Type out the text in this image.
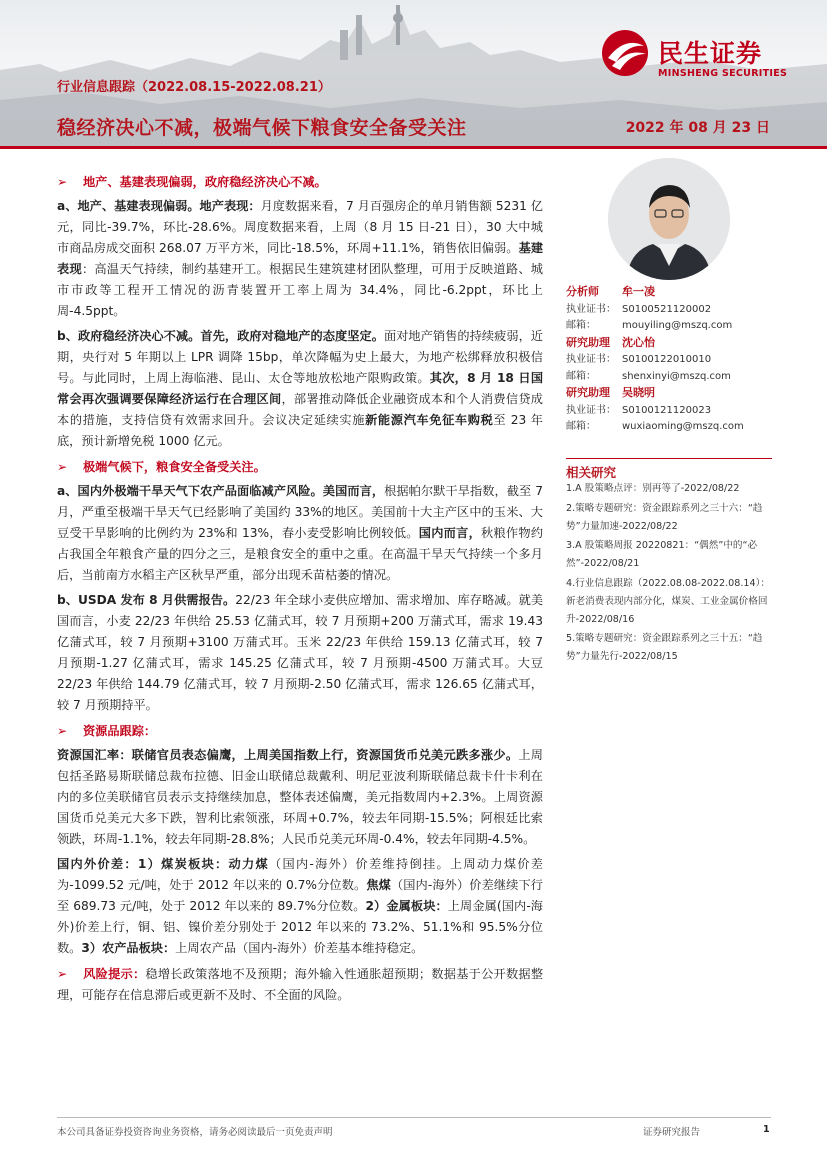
民生证券
MINSHENG SECURITIES
行业信息跟踪（2022.08.15-2022.08.21）
稳经济决心不减，极端气候下粮食安全备受关注	2022 年 08 月 23 日
➢ 地产、基建表现偏弱，政府稳经济决心不减。
a、地产、基建表现偏弱。地产表现：月度数据来看，7 月百强房企的单月销售额 5231 亿元，同比-39.7%，环比-28.6%。周度数据来看，上周（8 月 15 日-21 日），30 大中城市商品房成交面积 268.07 万平方米，同比-18.5%，环周+11.1%，销售依旧偏弱。基建表现：高温天气持续，制约基建开工。根据民生建筑建材团队整理，可用于反映道路、城市市政等工程开工情况的沥青装置开工率上周为 34.4%，同比-6.2ppt，环比上周-4.5ppt。
b、政府稳经济决心不减。首先，政府对稳地产的态度坚定。面对地产销售的持续疲弱，近期，央行对 5 年期以上 LPR 调降 15bp，单次降幅为史上最大，为地产松绑释放积极信号。与此同时，上周上海临港、昆山、太仓等地放松地产限购政策。其次，8 月 18 日国常会再次强调要保障经济运行在合理区间，部署推动降低企业融资成本和个人消费信贷成本的措施，支持信贷有效需求回升。会议决定延续实施新能源汽车免征车购税至 23 年底，预计新增免税 1000 亿元。
➢ 极端气候下，粮食安全备受关注。
a、国内外极端干旱天气下农产品面临减产风险。美国而言，根据帕尔默干旱指数，截至 7 月，严重至极端干旱天气已经影响了美国约 33%的地区。美国前十大主产区中的玉米、大豆受干旱影响的比例约为 23%和 13%，春小麦受影响比例较低。国内而言，秋粮作物约占我国全年粮食产量的四分之三，是粮食安全的重中之重。在高温干旱天气持续一个多月后，当前南方水稻主产区秋旱严重，部分出现禾苗枯萎的情况。
b、USDA 发布 8 月供需报告。22/23 年全球小麦供应增加、需求增加、库存略减。就美国而言，小麦 22/23 年供给 25.53 亿蒲式耳，较 7 月预期+200 万蒲式耳，需求 19.43 亿蒲式耳，较 7 月预期+3100 万蒲式耳。玉米 22/23 年供给 159.13 亿蒲式耳，较 7 月预期-1.27 亿蒲式耳，需求 145.25 亿蒲式耳，较 7 月预期-4500 万蒲式耳。大豆 22/23 年供给 144.79 亿蒲式耳，较 7 月预期-2.50 亿蒲式耳，需求 126.65 亿蒲式耳，较 7 月预期持平。
➢ 资源品跟踪：
资源国汇率：联储官员表态偏鹰，上周美国指数上行，资源国货币兑美元跌多涨少。上周包括圣路易斯联储总裁布拉德、旧金山联储总裁戴利、明尼亚波利斯联储总裁卡什卡利在内的多位美联储官员表示支持继续加息，整体表述偏鹰，美元指数周内+2.3%。上周资源国货币兑美元大多下跌，智利比索领涨，环周+0.7%，较去年同期-15.5%；阿根廷比索领跌，环周-1.1%，较去年同期-28.8%；人民币兑美元环周-0.4%，较去年同期-4.5%。
国内外价差：1）煤炭板块：动力煤（国内-海外）价差维持倒挂。上周动力煤价差为-1099.52 元/吨，处于 2012 年以来的 0.7%分位数。焦煤（国内-海外）价差继续下行至 689.73 元/吨，处于 2012 年以来的 89.7%分位数。2）金属板块：上周金属(国内-海外)价差上行，铜、铝、镍价差分别处于 2012 年以来的 73.2%、51.1%和 95.5%分位数。3）农产品板块：上周农产品（国内-海外）价差基本维持稳定。
➢ 风险提示：稳增长政策落地不及预期；海外输入性通胀超预期；数据基于公开数据整理，可能存在信息滞后或更新不及时、不全面的风险。
分析师 牟一凌
执业证书： S0100521120002
邮箱：	mouyiling@mszq.com
研究助理 沈心怡
执业证书： S0100122010010
邮箱：	shenxinyi@mszq.com
研究助理 吴晓明
执业证书： S0100121120023
邮箱：	wuxiaoming@mszq.com
相关研究
1.A 股策略点评：别再等了-2022/08/22
2.策略专题研究：资金跟踪系列之三十六：“趋势”力量加速-2022/08/22
3.A 股策略周报 20220821：“偶然”中的“必然”-2022/08/21
4.行业信息跟踪（2022.08.08-2022.08.14）：新老消费表现内部分化，煤炭、工业金属价格回升-2022/08/16
5.策略专题研究：资金跟踪系列之三十五：“趋势”力量先行-2022/08/15
本公司具备证券投资咨询业务资格，请务必阅读最后一页免责声明	证券研究报告	1
